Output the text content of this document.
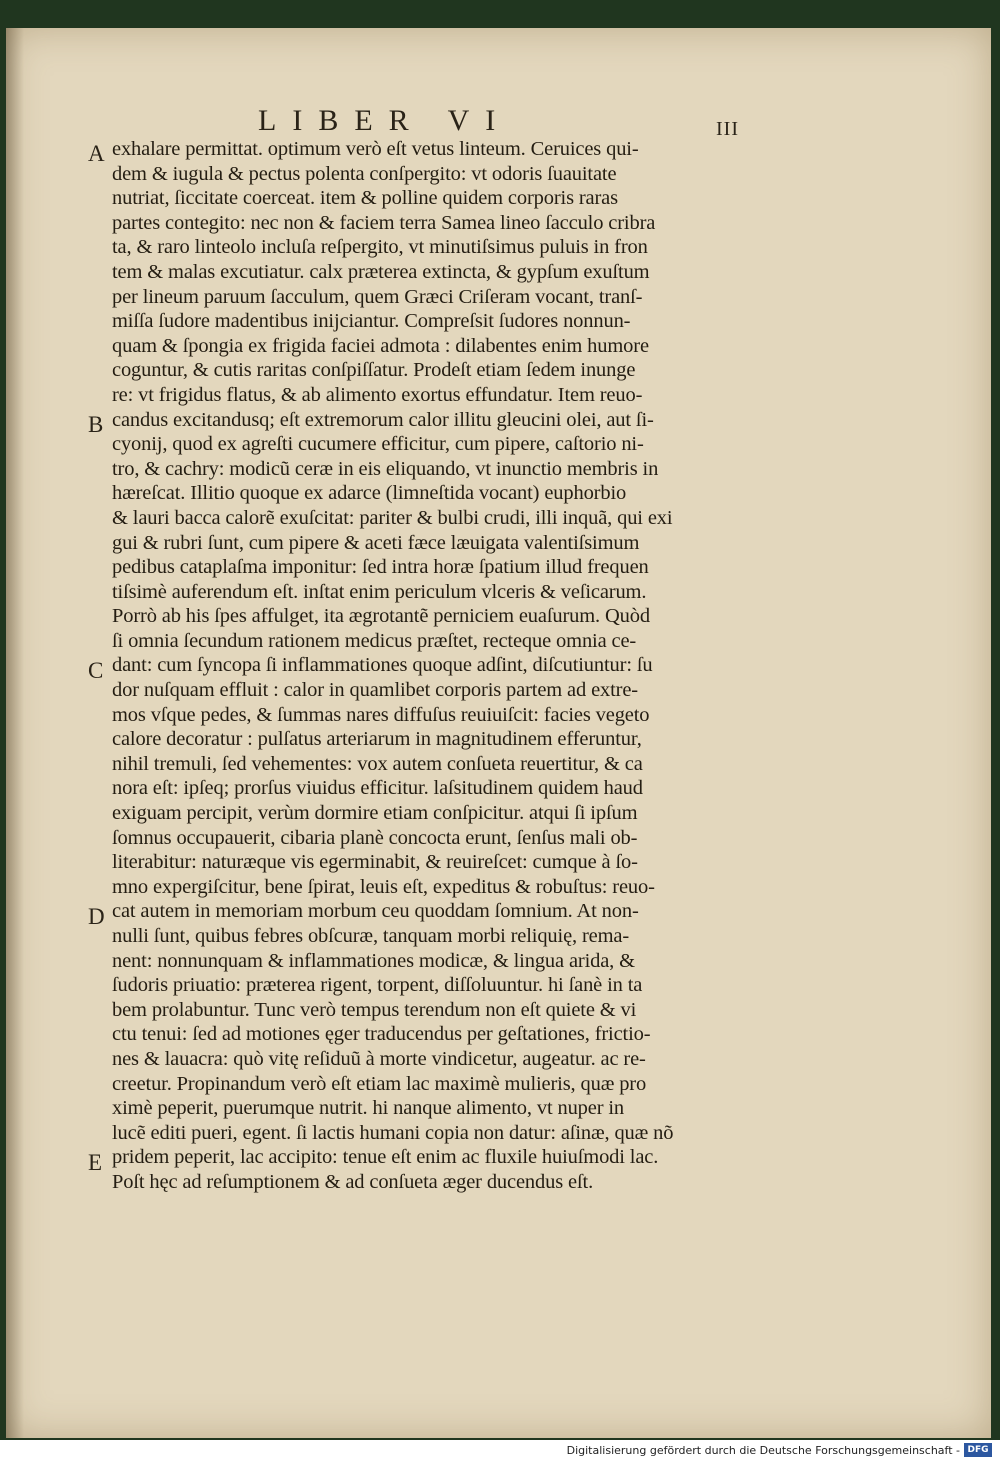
LIBER VI	III
A
B
C
D
E
exhalare permittat. optimum verò eſt vetus linteum. Ceruices qui-
dem & iugula & pectus polenta conſpergito: vt odoris ſuauitate
nutriat, ſiccitate coerceat. item & polline quidem corporis raras
partes contegito: nec non & faciem terra Samea lineo ſacculo cribra
ta, & raro linteolo incluſa reſpergito, vt minutiſsimus puluis in fron
tem & malas excutiatur. calx præterea extincta, & gypſum exuſtum
per lineum paruum ſacculum, quem Græci Criſeram vocant, tranſ-
miſſa ſudore madentibus inijciantur. Compreſsit ſudores nonnun-
quam & ſpongia ex frigida faciei admota : dilabentes enim humore
coguntur, & cutis raritas conſpiſſatur. Prodeſt etiam ſedem inunge
re: vt frigidus flatus, & ab alimento exortus effundatur. Item reuo-
candus excitandusq; eſt extremorum calor illitu gleucini olei, aut ſi-
cyonij, quod ex agreſti cucumere efficitur, cum pipere, caſtorio ni-
tro, & cachry: modicũ ceræ in eis eliquando, vt inunctio membris in
hæreſcat. Illitio quoque ex adarce (limneſtida vocant) euphorbio
& lauri bacca calorẽ exuſcitat: pariter & bulbi crudi, illi inquã, qui exi
gui & rubri ſunt, cum pipere & aceti fæce læuigata valentiſsimum
pedibus cataplaſma imponitur: ſed intra horæ ſpatium illud frequen
tiſsimè auferendum eſt. inſtat enim periculum vlceris & veſicarum.
Porrò ab his ſpes affulget, ita ægrotantẽ perniciem euaſurum. Quòd
ſi omnia ſecundum rationem medicus præſtet, recteque omnia ce-
dant: cum ſyncopa ſi inflammationes quoque adſint, diſcutiuntur: ſu
dor nuſquam effluit : calor in quamlibet corporis partem ad extre-
mos vſque pedes, & ſummas nares diffuſus reuiuiſcit: facies vegeto
calore decoratur : pulſatus arteriarum in magnitudinem efferuntur,
nihil tremuli, ſed vehementes: vox autem conſueta reuertitur, & ca
nora eſt: ipſeq; prorſus viuidus efficitur. laſsitudinem quidem haud
exiguam percipit, verùm dormire etiam conſpicitur. atqui ſi ipſum
ſomnus occupauerit, cibaria planè concocta erunt, ſenſus mali ob-
literabitur: naturæque vis egerminabit, & reuireſcet: cumque à ſo-
mno expergiſcitur, bene ſpirat, leuis eſt, expeditus & robuſtus: reuo-
cat autem in memoriam morbum ceu quoddam ſomnium. At non-
nulli ſunt, quibus febres obſcuræ, tanquam morbi reliquię, rema-
nent: nonnunquam & inflammationes modicæ, & lingua arida, &
ſudoris priuatio: præterea rigent, torpent, diſſoluuntur. hi ſanè in ta
bem prolabuntur. Tunc verò tempus terendum non eſt quiete & vi
ctu tenui: ſed ad motiones ęger traducendus per geſtationes, frictio-
nes & lauacra: quò vitę reſiduũ à morte vindicetur, augeatur. ac re-
creetur. Propinandum verò eſt etiam lac maximè mulieris, quæ pro
ximè peperit, puerumque nutrit. hi nanque alimento, vt nuper in
lucẽ editi pueri, egent. ſi lactis humani copia non datur: aſinæ, quæ nõ
pridem peperit, lac accipito: tenue eſt enim ac fluxile huiuſmodi lac.
Poſt hęc ad reſumptionem & ad conſueta æger ducendus eſt.
Digitalisierung gefördert durch die Deutsche Forschungsgemeinschaft - DFG
